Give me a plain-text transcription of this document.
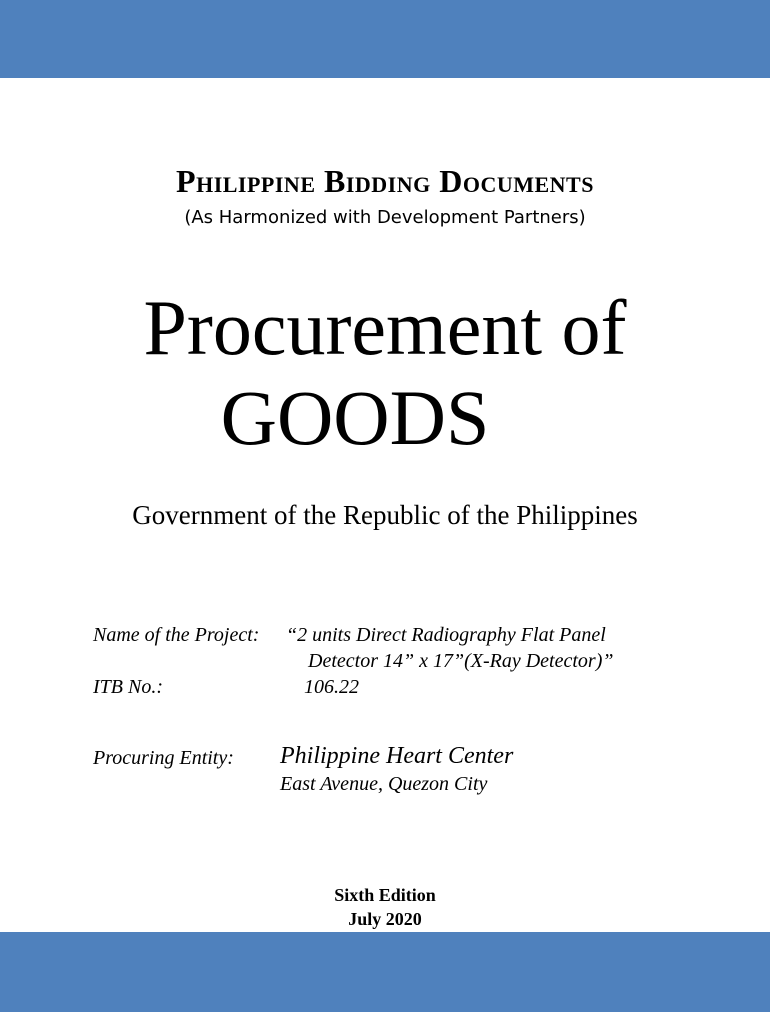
Philippine Bidding Documents
(As Harmonized with Development Partners)
Procurement of
GOODS
Government of the Republic of the Philippines
Name of the Project: “2 units Direct Radiography Flat Panel
Detector 14” x 17”(X-Ray Detector)”
ITB No.:	106.22
Procuring Entity: Philippine Heart Center
East Avenue, Quezon City
Sixth Edition
July 2020
